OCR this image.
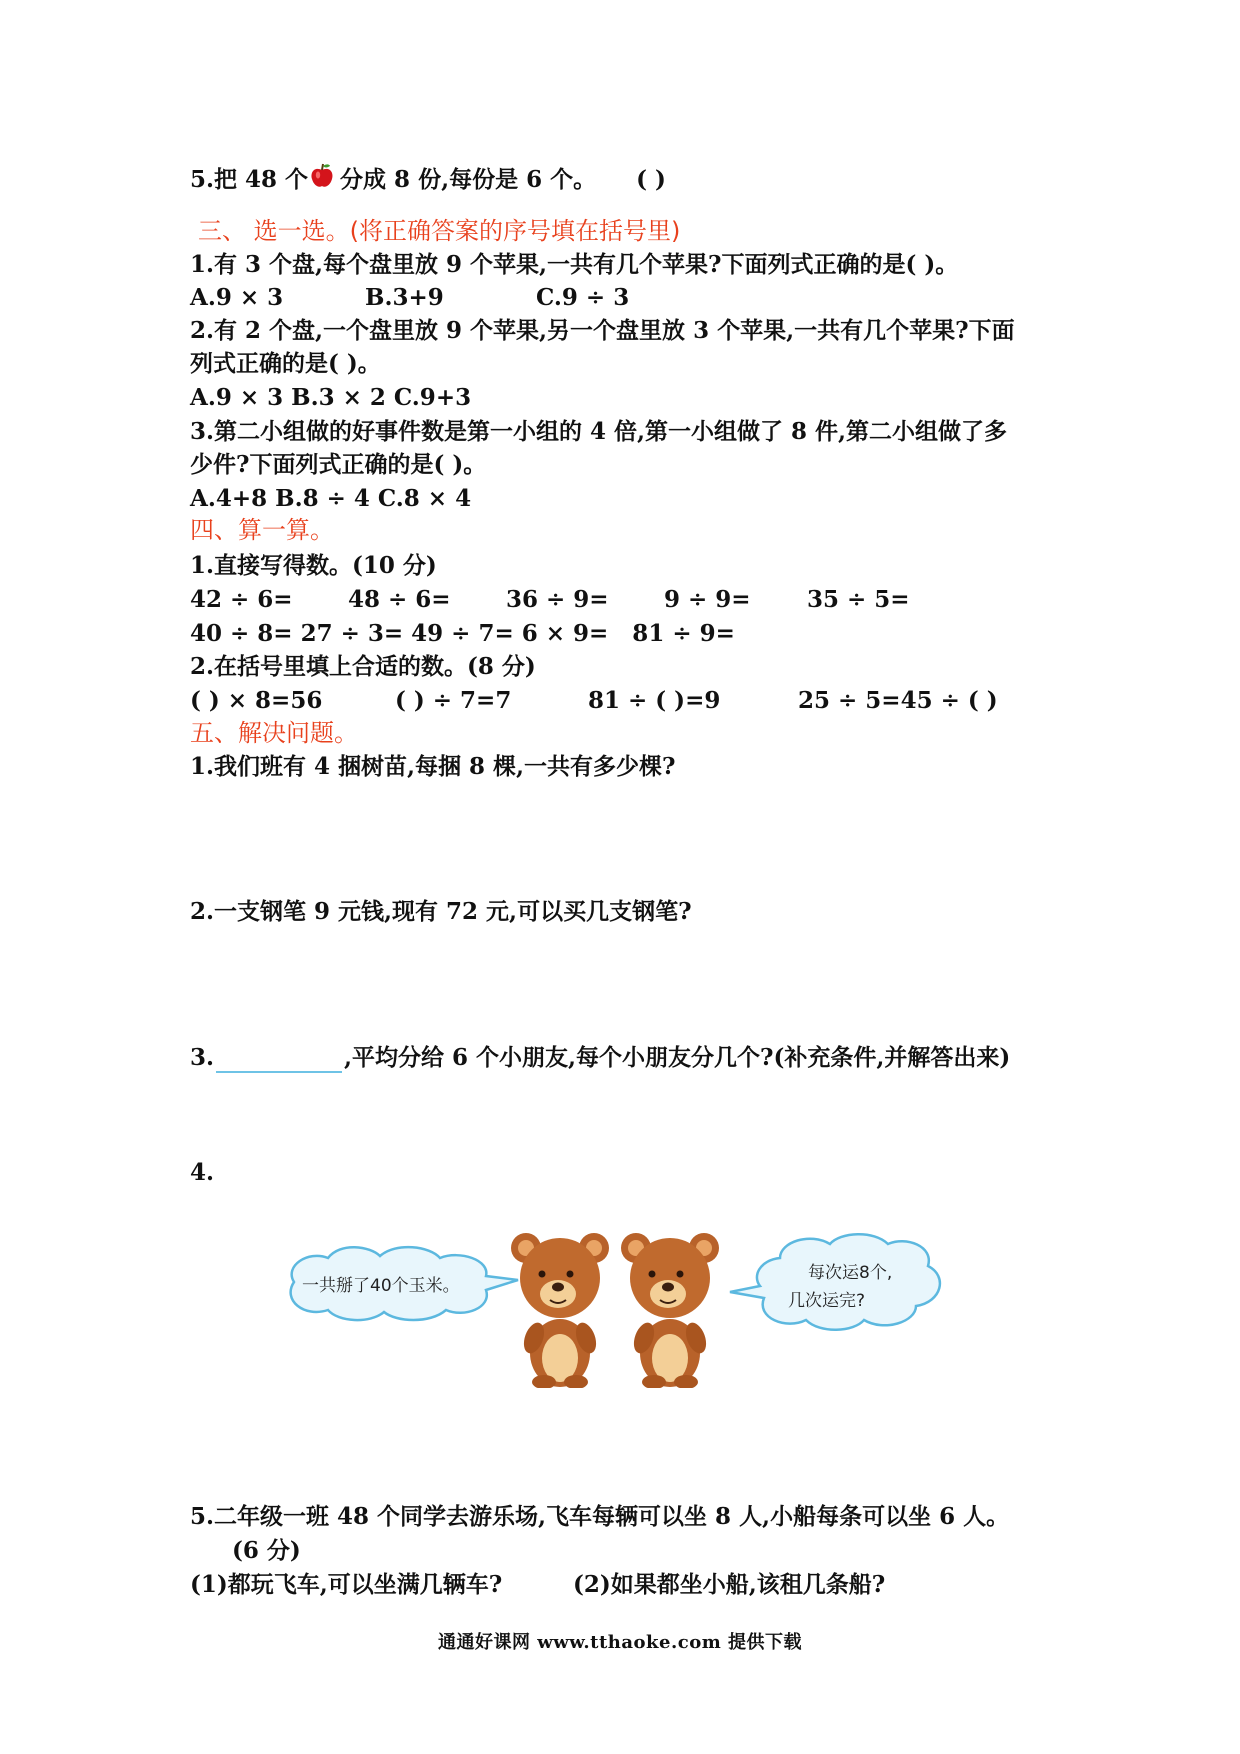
5.把 48 个 分成 8 份,每份是 6 个。 ( )
三、 选一选。(将正确答案的序号填在括号里)
1.有 3 个盘,每个盘里放 9 个苹果,一共有几个苹果?下面列式正确的是( )。
A.9 × 3	B.3+9	C.9 ÷ 3
2.有 2 个盘,一个盘里放 9 个苹果,另一个盘里放 3 个苹果,一共有几个苹果?下面
列式正确的是( )。
A.9 × 3 B.3 × 2 C.9+3
3.第二小组做的好事件数是第一小组的 4 倍,第一小组做了 8 件,第二小组做了多
少件?下面列式正确的是( )。
A.4+8 B.8 ÷ 4 C.8 × 4
四、算一算。
1.直接写得数。(10 分)
42 ÷ 6= 48 ÷ 6= 36 ÷ 9= 9 ÷ 9= 35 ÷ 5=
40 ÷ 8= 27 ÷ 3= 49 ÷ 7= 6 × 9=   81 ÷ 9=
2.在括号里填上合适的数。(8 分)
( ) × 8=56	( ) ÷ 7=7	81 ÷ ( )=9	25 ÷ 5=45 ÷ ( )
五、解决问题。
1.我们班有 4 捆树苗,每捆 8 棵,一共有多少棵?
2.一支钢笔 9 元钱,现有 72 元,可以买几支钢笔?
3.	,平均分给 6 个小朋友,每个小朋友分几个?(补充条件,并解答出来)
4.
一共掰了40个玉米。
每次运8个,
几次运完?
5.二年级一班 48 个同学去游乐场,飞车每辆可以坐 8 人,小船每条可以坐 6 人。
(6 分)
(1)都玩飞车,可以坐满几辆车?	(2)如果都坐小船,该租几条船?
通通好课网 www.tthaoke.com 提供下载
